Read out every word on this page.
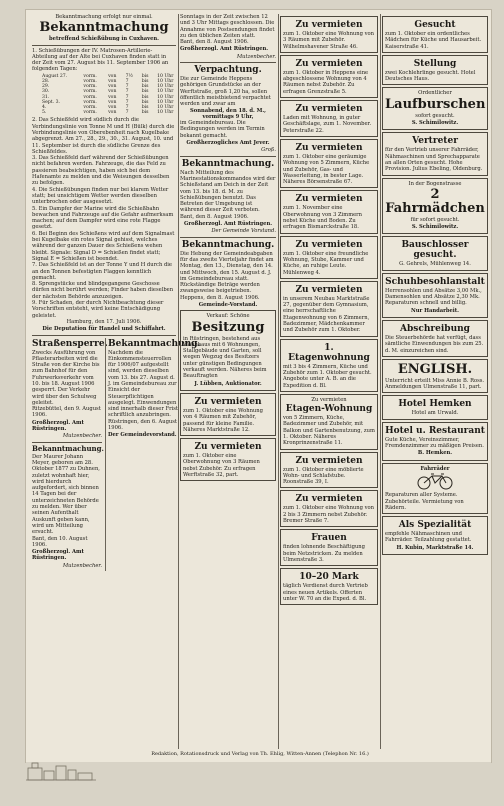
Bekanntmachung erfolgt nur einmal.

Bekanntmachung

betreffend Schießübung in Cuxhaven.

1. Schießübungen der IV. Matrosen-Artillerie-Abteilung auf der Alte bei Cuxhaven finden statt in der Zeit vom 27. August bis 11. September 1906 an folgenden Tagen:

August 27.	vorm.	von	7½	bis	10 Uhr
28.	vorm.	von	7	bis	10 Uhr
29.	vorm.	von	7	bis	10 Uhr
30.	vorm.	von	7	bis	10 Uhr
31.	vorm.	von	7	bis	10 Uhr
Sept. 3.	vorm.	von	7	bis	10 Uhr
4.	vorm.	von	7	bis	10 Uhr
5.	vorm.	von	7	bis	10 Uhr

2. Das Schießfeld wird südlich durch die Verbindungslinie von Tonne M und H (Bülk) durch die Verbindungslinie von Oberebenheit nach Kugelbake abgegrenzt. Am 27., 28., 29., 30., 31. August, 10. und 11. September ist durch die südliche Grenze des Schießfeldes.

3. Das Schießfeld darf während der Schießübungen nicht befahren werden. Fahrzeuge, die das Feld zu passieren beabsichtigen, haben sich bei dem Hafenamte zu melden und die Weisungen desselben zu befolgen.

4. Die Schießübungen finden nur bei klarem Wetter statt; bei unsichtigem Wetter werden dieselben unterbrochen oder ausgesetzt.

5. Ein Dampfer der Marine wird die Schießbahn bewachen und Fahrzeuge auf die Gefahr aufmerksam machen; auf dem Dampfer wird eine rote Flagge gesetzt.

6. Bei Beginn des Schießens wird auf dem Signalmast bei Kugelbake ein rotes Signal gehisst, welches während der ganzen Dauer des Schießens wehen bleibt. Signale: Signal D = Schießen findet statt; Signal E = Schießen ist beendet.

7. Das Schießfeld ist an der Tonne Y und H durch die an den Tonnen befestigten Flaggen kenntlich gemacht.

8. Sprengstücke und blindgegangene Geschosse dürfen nicht berührt werden; Finder haben dieselben der nächsten Behörde anzuzeigen.

9. Für Schaden, der durch Nichtbeachtung dieser Vorschriften entsteht, wird keine Entschädigung geleistet.

Hamburg, den 17. Juli 1906.

Die Deputation für Handel und Schiffahrt.

Straßensperre.

Zwecks Ausführung von Pflasterarbeiten wird die Straße von der Kirche bis zum Bahnhof für den Fuhrwerksverkehr vom 10. bis 18. August 1906 gesperrt. Der Verkehr wird über den Schulweg geleitet.

Ritzebüttel, den 9. August 1906.

Großherzogl. Amt Rüstringen.

Mutzenbecher.

Bekanntmachung.

Der Maurer Johann Meyer, geboren am 28. Oktober 1877 zu Duhnen, zuletzt wohnhaft hier, wird hierdurch aufgefordert, sich binnen 14 Tagen bei der unterzeichneten Behörde zu melden. Wer über seinen Aufenthalt Auskunft geben kann, wird um Mitteilung ersucht.

Bant, den 10. August 1906.

Großherzogl. Amt Rüstringen.

Mutzenbecher.

Bekanntmachung.

Nachdem die Einkommensteuerrollen für 1906/07 aufgestellt sind, werden dieselben vom 13. bis 27. August d. J. im Gemeindebureau zur Einsicht der Steuerpflichtigen ausgelegt. Einwendungen sind innerhalb dieser Frist schriftlich anzubringen.

Rüstringen, den 6. August 1906.

Der Gemeindevorstand.

Sonntags in der Zeit zwischen 12 und 3 Uhr Mittags geschlossen. Die Annahme von Postsendungen findet zu den üblichen Zeiten statt.

Bant, den 8. August 1906.

Großherzogl. Amt Rüstringen.

Mutzenbecher.

Verpachtung.

Die zur Gemeinde Heppens gehörigen Grundstücke an der Werftstraße, groß 1,20 ha, sollen öffentlich meistbietend verpachtet werden und zwar am

Sonnabend, den 18. d. M., vormittags 9 Uhr,

im Gemeindebureau. Die Bedingungen werden im Termin bekannt gemacht.

Großherzogliches Amt Jever.

Groß.

Bekanntmachung.

Nach Mitteilung des Marinestationskommandos wird der Schießstand am Deich in der Zeit vom 13. bis 18. d. M. zu Schießübungen benutzt. Das Betreten der Umgebung ist während dieser Zeit verboten.

Bant, den 8. August 1906.

Großherzogl. Amt Rüstringen.

Der Gemeinde Vorstand.

Bekanntmachung.

Die Hebung der Gemeindeabgaben für das zweite Vierteljahr findet am Montag, den 13., Dienstag, den 14. und Mittwoch, den 15. August d. J. im Gemeindebureau statt. Rückständige Beträge werden zwangsweise beigetrieben.

Heppens, den 8. August 1906.

Gemeinde-Vorstand.

Verkauf: Schöne

Besitzung

in Rüstringen, bestehend aus Wohnhaus mit 6 Wohnungen, Stallgebäude und Garten, soll wegen Wegzug des Besitzers unter günstigen Bedingungen verkauft werden. Näheres beim Beauftragten

J. Lübben, Auktionator.

Zu vermieten

zum 1. Oktober eine Wohnung von 4 Räumen mit Zubehör, passend für kleine Familie. Näheres Marktstraße 12.

Zu vermieten

zum 1. Oktober eine Oberwohnung von 3 Räumen nebst Zubehör. Zu erfragen Werftstraße 32, part.

Zu vermieten

zum 1. Oktober eine Wohnung von 3 Räumen mit Zubehör. Wilhelmshavener Straße 46.

Zu vermieten

zum 1. Oktober in Heppens eine abgeschlossene Wohnung von 4 Räumen nebst Zubehör. Zu erfragen Grenzstraße 5.

Zu vermieten

Laden mit Wohnung, in guter Geschäftslage, zum 1. November. Peterstraße 22.

Zu vermieten

zum 1. Oktober eine geräumige Wohnung von 5 Zimmern, Küche und Zubehör, Gas- und Wasserleitung, in bester Lage. Näheres Börsenstraße 67.

Zu vermieten

zum 1. November eine Oberwohnung von 3 Zimmern nebst Küche und Boden. Zu erfragen Bismarckstraße 18.

Zu vermieten

zum 1. Oktober eine freundliche Wohnung, Stube, Kammer und Küche, an ruhige Leute. Mühlenweg 4.

Zu vermieten

in unserem Neubau Marktstraße 27, gegenüber dem Gymnasium, eine herrschaftliche Etagenwohnung von 6 Zimmern, Badezimmer, Mädchenkammer und Zubehör zum 1. Oktober.

1. Etagenwohnung

mit 3 bis 4 Zimmern, Küche und Zubehör zum 1. Oktober gesucht. Angebote unter A. B. an die Expedition d. Bl.

Zu vermieten

Etagen-Wohnung

von 5 Zimmern, Küche, Badezimmer und Zubehör, mit Balkon und Gartenbenutzung, zum 1. Oktober. Näheres Kronprinzenstraße 11.

Zu vermieten

zum 1. Oktober eine möblierte Wohn- und Schlafstube. Roonstraße 39, I.

Zu vermieten

zum 1. Oktober eine Wohnung von 2 bis 3 Zimmern nebst Zubehör. Bremer Straße 7.

Frauen

finden lohnende Beschäftigung beim Netzstricken. Zu melden Ulmenstraße 3.

10–20 Mark

täglich Verdienst durch Vertrieb eines neuen Artikels. Offerten unter W. 70 an die Exped. d. Bl.

Gesucht

zum 1. Oktober ein ordentliches Mädchen für Küche und Hausarbeit. Kaiserstraße 41.

Stellung

zwei Kochlehrlinge gesucht. Hotel Deutsches Haus.

Ordentlicher

Laufburschen

sofort gesucht.

S. Schimilowitz.

Vertreter

für den Vertrieb unserer Fahrräder, Nähmaschinen und Sprechapparate an allen Orten gesucht. Hohe Provision. Julius Ebeling, Oldenburg.

In der Bogenstrasse

2 Fahrmädchen

für sofort gesucht.

S. Schimilowitz.

Bauschlosser gesucht.

G. Gehrels, Mühlenweg 14.

Schuhbesohlanstalt

Herrensohlen und Absätze 3,00 Mk., Damensohlen und Absätze 2,30 Mk. Reparaturen schnell und billig.

Nur Handarbeit.

Abschreibung

Die Steuerbehörde hat verfügt, dass sämtliche Einwendungen bis zum 25. d. M. einzureichen sind.

ENGLISH.

Unterricht erteilt Miss Annie B. Ross. Anmeldungen Ulmenstraße 11, part.

Hotel Hemken

Hotel am Urwald.

Hotel u. Restaurant

Gute Küche, Vereinszimmer, Fremdenzimmer zu mäßigen Preisen.

B. Hemken.

Fahrräder

Reparaturen aller Systeme. Zubehörteile. Vermietung von Rädern.

Als Spezialität

empfehle Nähmaschinen und Fahrräder. Teilzahlung gestattet.

H. Kubin, Marktstraße 14.

Redaktion, Rotationsdruck und Verlag von Th. Ehlig, Witten-Annen (Telephon Nr. 16.)
